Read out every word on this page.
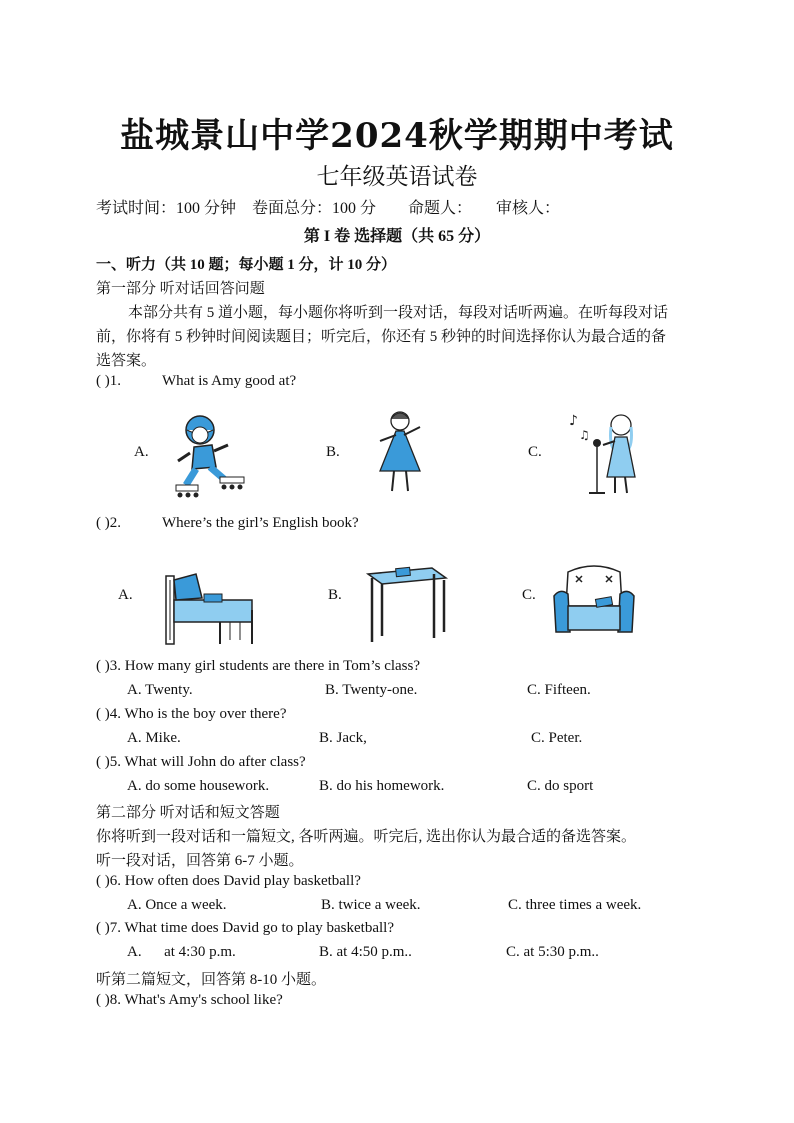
盐城景山中学2024秋学期期中考试
七年级英语试卷
考试时间：100 分钟　卷面总分：100 分　　命题人：　　审核人：
第 I 卷 选择题（共 65 分）
一、听力（共 10 题；每小题 1 分，计 10 分）
第一部分 听对话回答问题
本部分共有 5 道小题，每小题你将听到一段对话，每段对话听两遍。在听每段对话
前，你将有 5 秒钟时间阅读题目；听完后，你还有 5 秒钟的时间选择你认为最合适的备
选答案。
( )1.	What is Amy good at?
A.	B.	C.
♪
♫
( )2.	Where’s the girl’s English book?
A.	B.	C.
( )3. How many girl students are there in Tom’s class?
A. Twenty.	B. Twenty-one.	C. Fifteen.
( )4. Who is the boy over there?
A. Mike.	B. Jack,	C. Peter.
( )5. What will John do after class?
A. do some housework.	B. do his homework.	C. do sport
第二部分 听对话和短文答题
你将听到一段对话和一篇短文, 各听两遍。听完后, 选出你认为最合适的备选答案。
听一段对话，回答第 6-7 小题。
( )6. How often does David play basketball?
A. Once a week.	B. twice a week.	C. three times a week.
( )7. What time does David go to play basketball?
A.      at 4:30 p.m.	B. at 4:50 p.m..	C. at 5:30 p.m..
听第二篇短文，回答第 8-10 小题。
( )8. What's Amy's school like?
